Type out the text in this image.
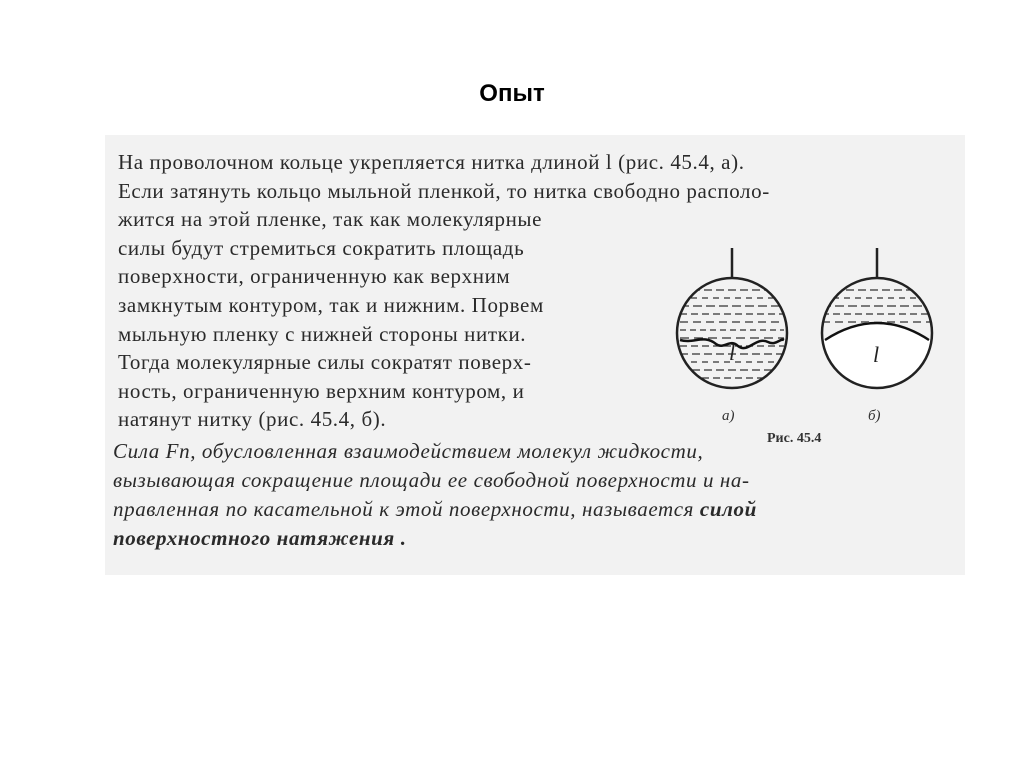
Опыт
На проволочном кольце укрепляется нитка длиной l (рис. 45.4, а).
Если затянуть кольцо мыльной пленкой, то нитка свободно располо-
жится на этой пленке, так как молекулярные
силы будут стремиться сократить площадь
поверхности, ограниченную как верхним
замкнутым контуром, так и нижним. Порвем
мыльную пленку с нижней стороны нитки.
Тогда молекулярные силы сократят поверх-
ность, ограниченную верхним контуром, и
натянут нитку (рис. 45.4, б).
Сила Fп, обусловленная взаимодействием молекул жидкости,
вызывающая сокращение площади ее свободной поверхности и на-
правленная по касательной к этой поверхности, называется силой
поверхностного натяжения .
l	l
а)	б)
Рис. 45.4
